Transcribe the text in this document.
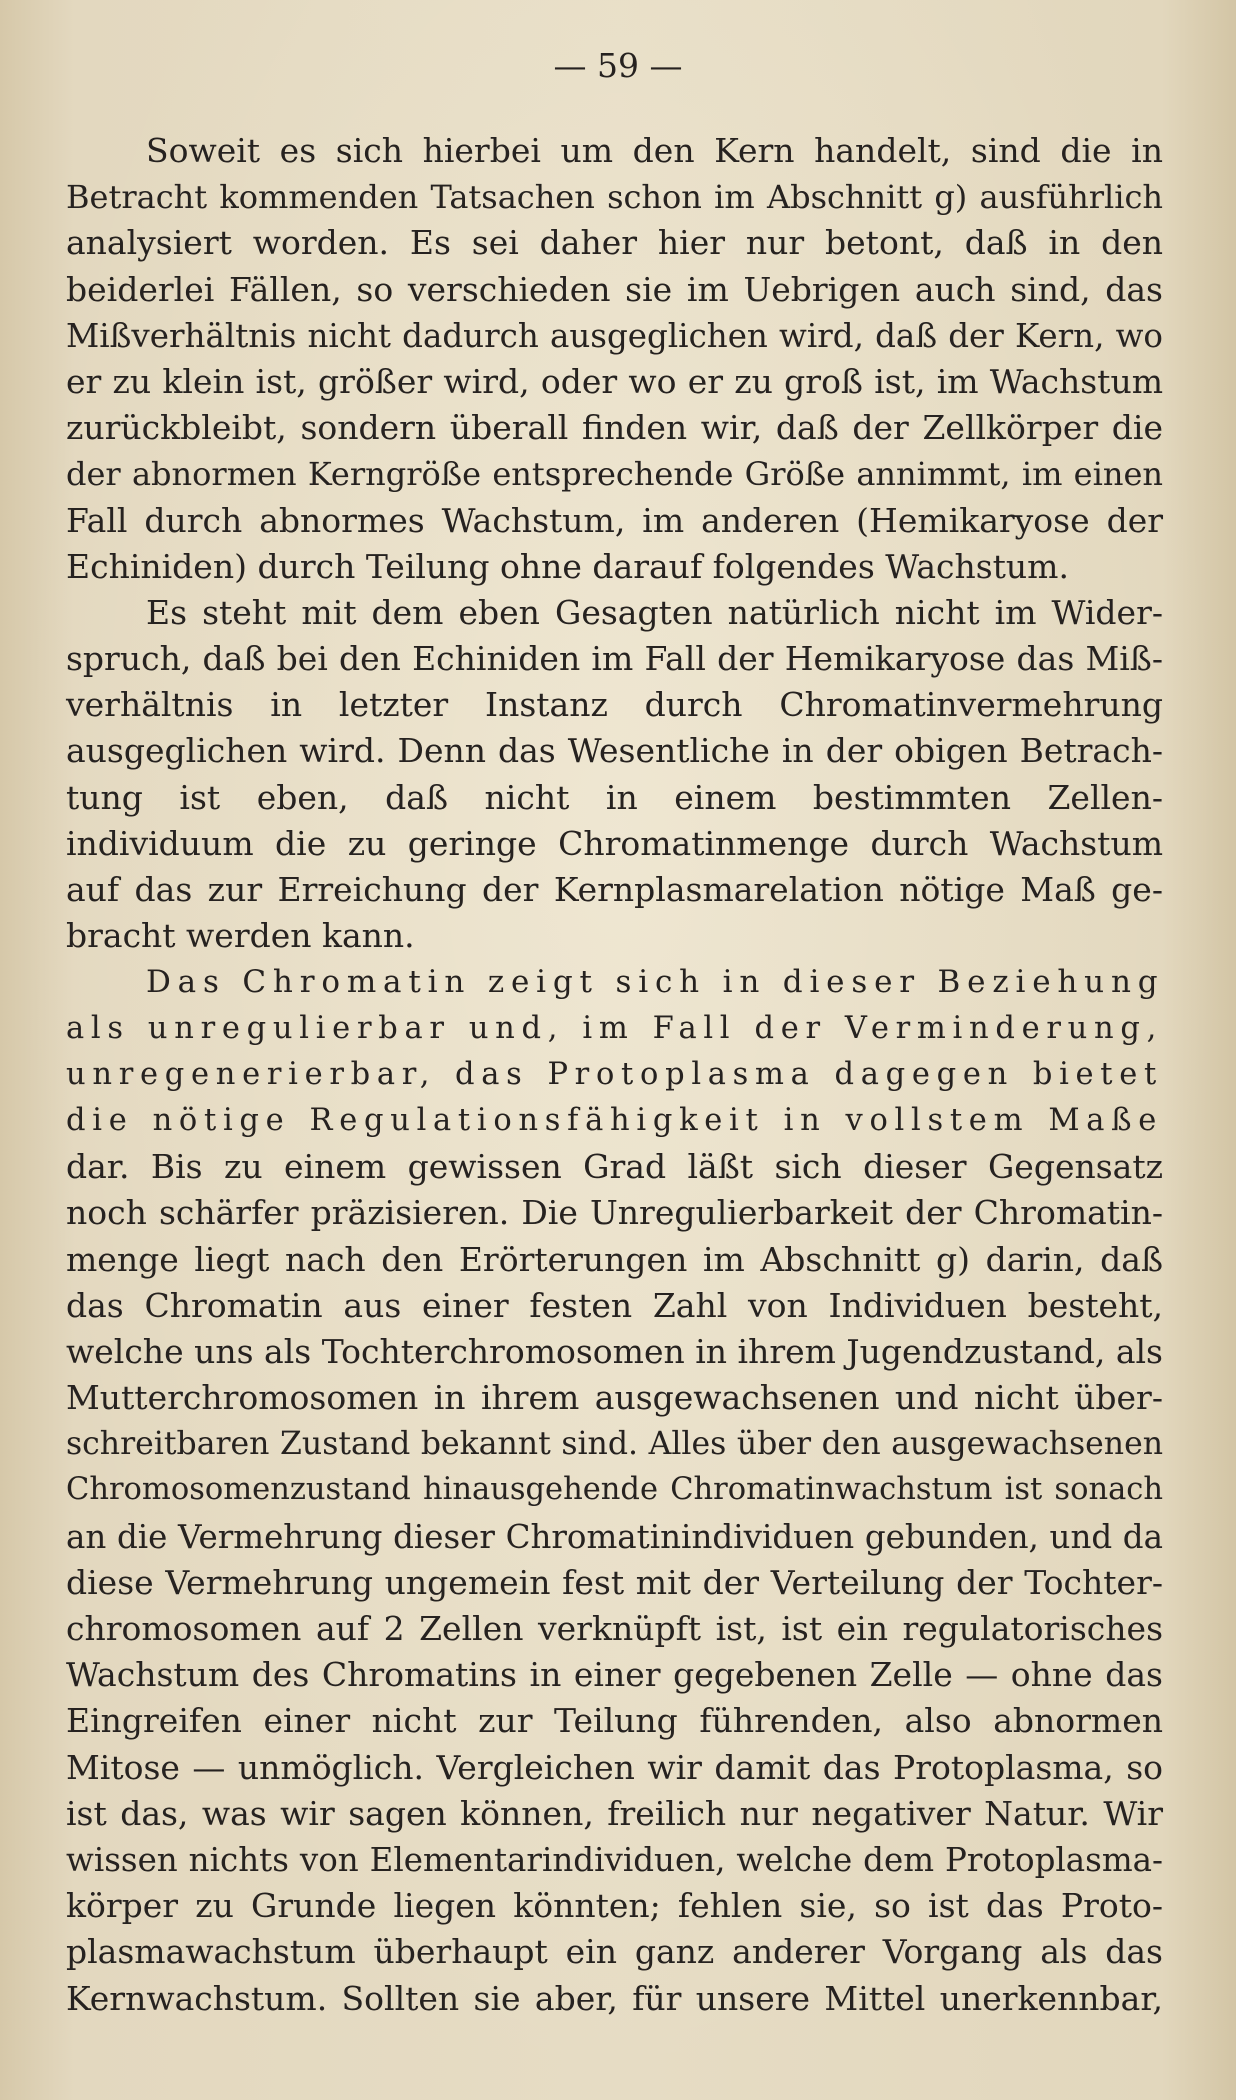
— 59 —
Soweit es sich hierbei um den Kern handelt, sind die in
Betracht kommenden Tatsachen schon im Abschnitt g) ausführlich
analysiert worden. Es sei daher hier nur betont, daß in den
beiderlei Fällen, so verschieden sie im Uebrigen auch sind, das
Mißverhältnis nicht dadurch ausgeglichen wird, daß der Kern, wo
er zu klein ist, größer wird, oder wo er zu groß ist, im Wachstum
zurückbleibt, sondern überall finden wir, daß der Zellkörper die
der abnormen Kerngröße entsprechende Größe annimmt, im einen
Fall durch abnormes Wachstum, im anderen (Hemikaryose der
Echiniden) durch Teilung ohne darauf folgendes Wachstum.
Es steht mit dem eben Gesagten natürlich nicht im Wider-
spruch, daß bei den Echiniden im Fall der Hemikaryose das Miß-
verhältnis in letzter Instanz durch Chromatinvermehrung
ausgeglichen wird. Denn das Wesentliche in der obigen Betrach-
tung ist eben, daß nicht in einem bestimmten Zellen-
individuum die zu geringe Chromatinmenge durch Wachstum
auf das zur Erreichung der Kernplasmarelation nötige Maß ge-
bracht werden kann.
Das Chromatin zeigt sich in dieser Beziehung
als unregulierbar und, im Fall der Verminderung,
unregenerierbar, das Protoplasma dagegen bietet
die nötige Regulationsfähigkeit in vollstem Maße
dar. Bis zu einem gewissen Grad läßt sich dieser Gegensatz
noch schärfer präzisieren. Die Unregulierbarkeit der Chromatin-
menge liegt nach den Erörterungen im Abschnitt g) darin, daß
das Chromatin aus einer festen Zahl von Individuen besteht,
welche uns als Tochterchromosomen in ihrem Jugendzustand, als
Mutterchromosomen in ihrem ausgewachsenen und nicht über-
schreitbaren Zustand bekannt sind. Alles über den ausgewachsenen
Chromosomenzustand hinausgehende Chromatinwachstum ist sonach
an die Vermehrung dieser Chromatinindividuen gebunden, und da
diese Vermehrung ungemein fest mit der Verteilung der Tochter-
chromosomen auf 2 Zellen verknüpft ist, ist ein regulatorisches
Wachstum des Chromatins in einer gegebenen Zelle — ohne das
Eingreifen einer nicht zur Teilung führenden, also abnormen
Mitose — unmöglich. Vergleichen wir damit das Protoplasma, so
ist das, was wir sagen können, freilich nur negativer Natur. Wir
wissen nichts von Elementarindividuen, welche dem Protoplasma-
körper zu Grunde liegen könnten; fehlen sie, so ist das Proto-
plasmawachstum überhaupt ein ganz anderer Vorgang als das
Kernwachstum. Sollten sie aber, für unsere Mittel unerkennbar,
